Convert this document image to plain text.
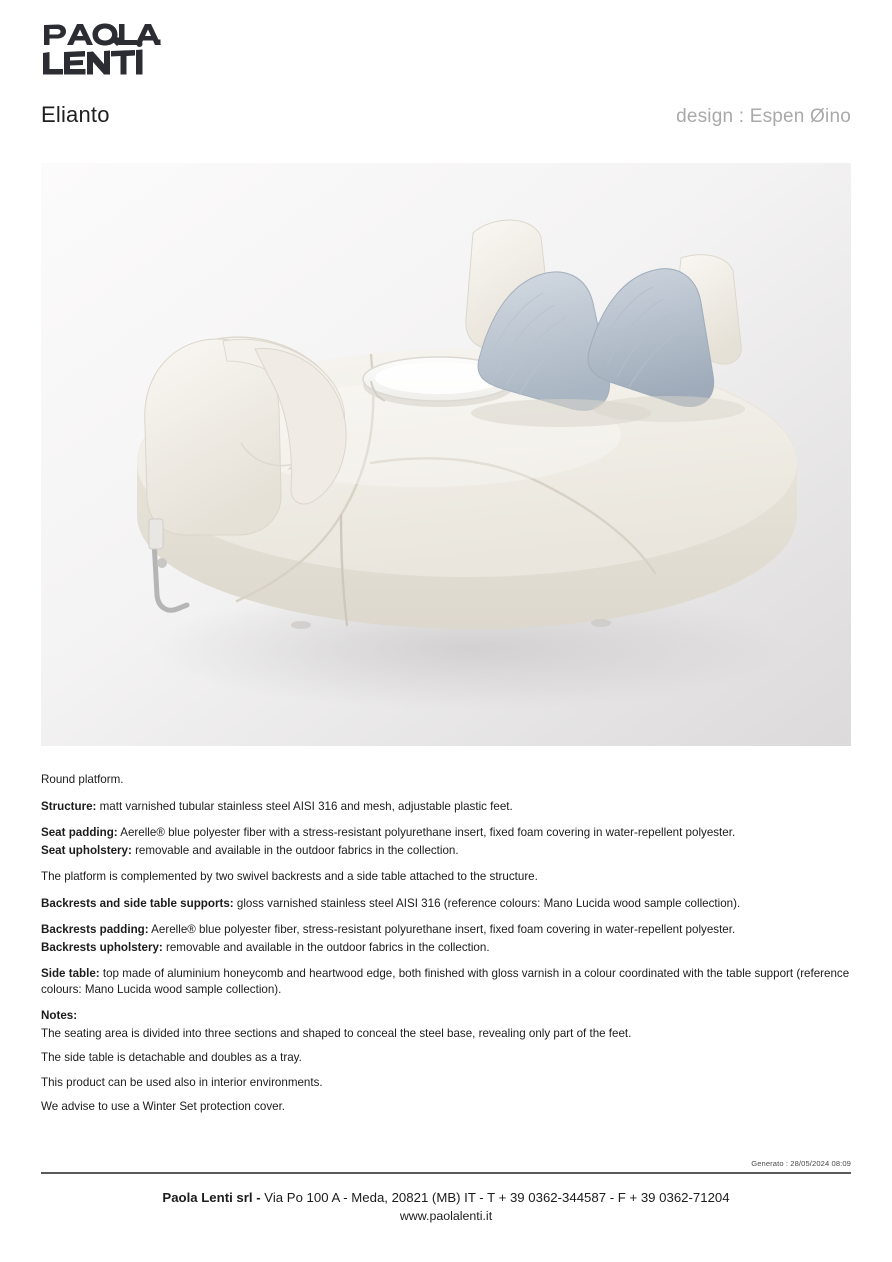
Elianto	design : Espen Øino

Round platform.

Structure: matt varnished tubular stainless steel AISI 316 and mesh, adjustable plastic feet.

Seat padding: Aerelle® blue polyester fiber with a stress-resistant polyurethane insert, fixed foam covering in water-repellent polyester.

Seat upholstery: removable and available in the outdoor fabrics in the collection.

The platform is complemented by two swivel backrests and a side table attached to the structure.

Backrests and side table supports: gloss varnished stainless steel AISI 316 (reference colours: Mano Lucida wood sample collection).

Backrests padding: Aerelle® blue polyester fiber, stress-resistant polyurethane insert, fixed foam covering in water-repellent polyester.

Backrests upholstery: removable and available in the outdoor fabrics in the collection.

Side table: top made of aluminium honeycomb and heartwood edge, both finished with gloss varnish in a colour coordinated with the table support (reference colours: Mano Lucida wood sample collection).

Notes:

The seating area is divided into three sections and shaped to conceal the steel base, revealing only part of the feet.

The side table is detachable and doubles as a tray.

This product can be used also in interior environments.

We advise to use a Winter Set protection cover.

Generato : 28/05/2024 08:09
Paola Lenti srl - Via Po 100 A - Meda, 20821 (MB) IT - T + 39 0362-344587 - F + 39 0362-71204
www.paolalenti.it
